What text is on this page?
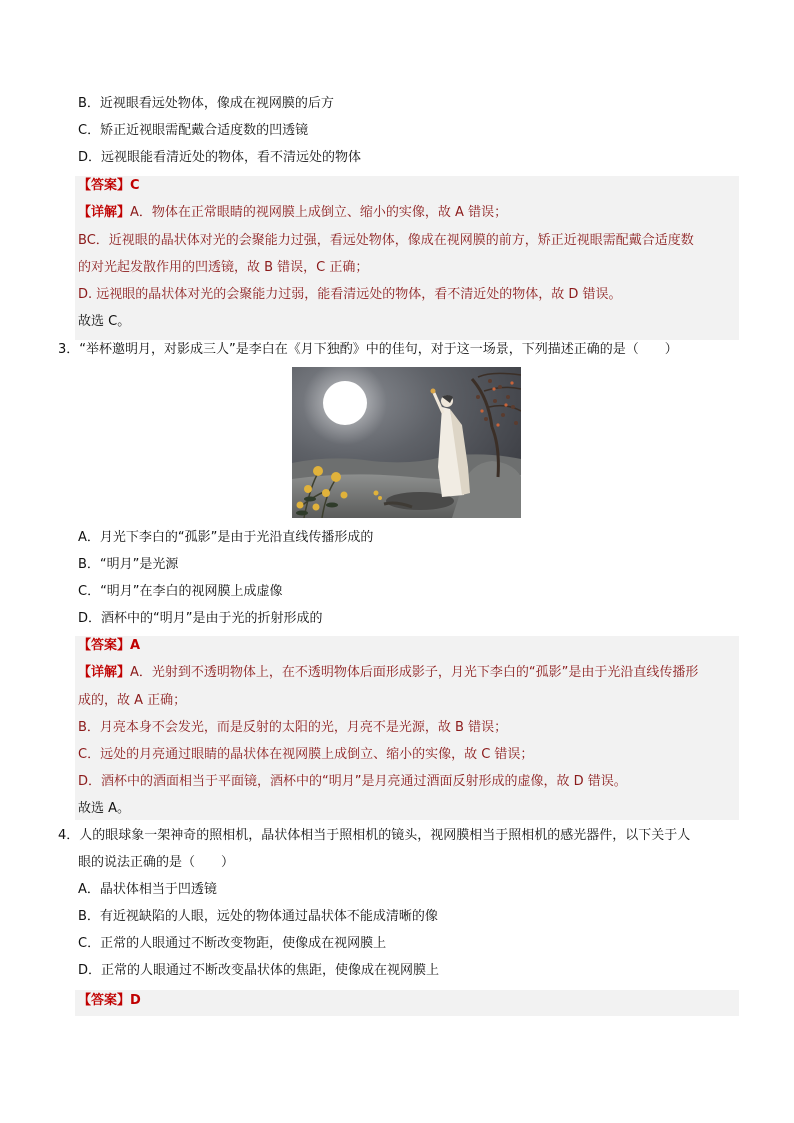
B．近视眼看远处物体，像成在视网膜的后方
C．矫正近视眼需配戴合适度数的凹透镜
D．远视眼能看清近处的物体，看不清远处的物体
【答案】C
【详解】A．物体在正常眼睛的视网膜上成倒立、缩小的实像，故 A 错误；
BC．近视眼的晶状体对光的会聚能力过强，看远处物体，像成在视网膜的前方，矫正近视眼需配戴合适度数
的对光起发散作用的凹透镜，故 B 错误，C 正确；
D. 远视眼的晶状体对光的会聚能力过弱，能看清远处的物体，看不清近处的物体，故 D 错误。
故选 C。
3．“举杯邀明月，对影成三人”是李白在《月下独酌》中的佳句，对于这一场景，下列描述正确的是（　　）
A．月光下李白的“孤影”是由于光沿直线传播形成的
B．“明月”是光源
C．“明月”在李白的视网膜上成虚像
D．酒杯中的“明月”是由于光的折射形成的
【答案】A
【详解】A．光射到不透明物体上，在不透明物体后面形成影子，月光下李白的“孤影”是由于光沿直线传播形
成的，故 A 正确；
B．月亮本身不会发光，而是反射的太阳的光，月亮不是光源，故 B 错误；
C．远处的月亮通过眼睛的晶状体在视网膜上成倒立、缩小的实像，故 C 错误；
D．酒杯中的酒面相当于平面镜，酒杯中的“明月”是月亮通过酒面反射形成的虚像，故 D 错误。
故选 A。
4．人的眼球象一架神奇的照相机，晶状体相当于照相机的镜头，视网膜相当于照相机的感光器件，以下关于人
眼的说法正确的是（　　）
A．晶状体相当于凹透镜
B．有近视缺陷的人眼，远处的物体通过晶状体不能成清晰的像
C．正常的人眼通过不断改变物距，使像成在视网膜上
D．正常的人眼通过不断改变晶状体的焦距，使像成在视网膜上
【答案】D
